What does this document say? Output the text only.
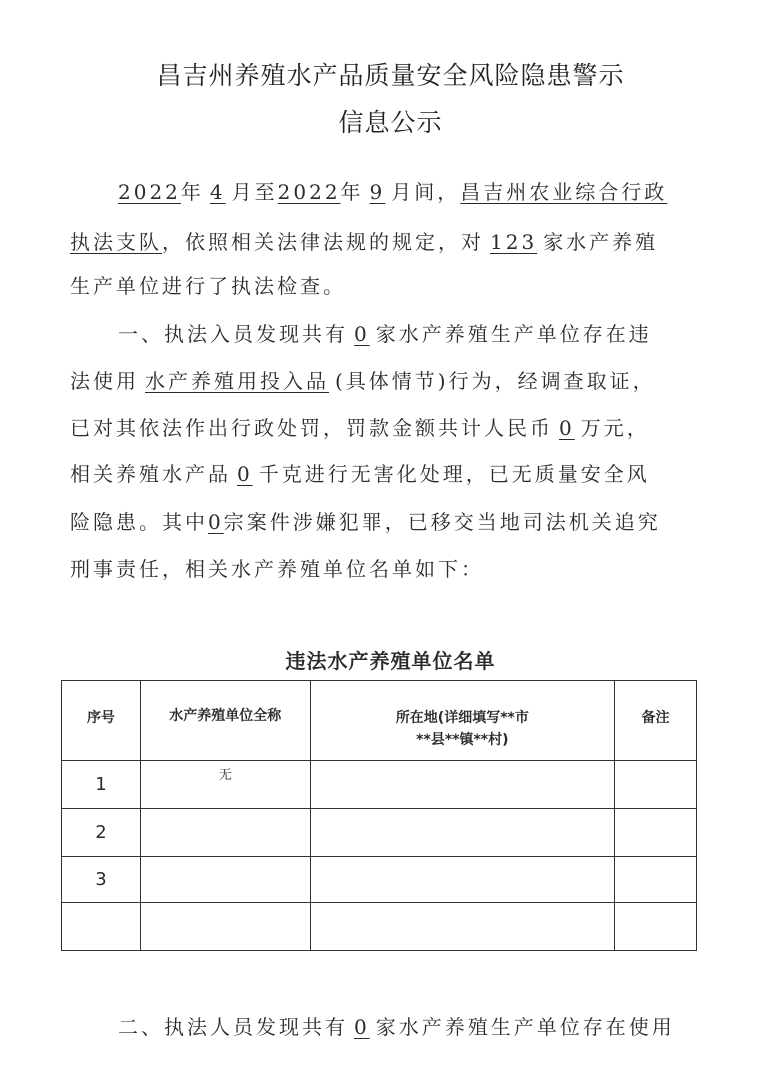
昌吉州养殖水产品质量安全风险隐患警示
信息公示
2022年 4 月至2022年 9 月间，昌吉州农业综合行政
执法支队，依照相关法律法规的规定，对 123 家水产养殖
生产单位进行了执法检查。
一、执法入员发现共有 0 家水产养殖生产单位存在违
法使用 水产养殖用投入品 (具体情节)行为，经调查取证，
已对其依法作出行政处罚，罚款金额共计人民币 0 万元，
相关养殖水产品 0 千克进行无害化处理，已无质量安全风
险隐患。其中0宗案件涉嫌犯罪，已移交当地司法机关追究
刑事责任，相关水产养殖单位名单如下：
违法水产养殖单位名单
序号	水产养殖单位全称	所在地(详细填写**市
**县**镇**村)	备注
1	无		
2			
3			

二、执法人员发现共有 0 家水产养殖生产单位存在使用
